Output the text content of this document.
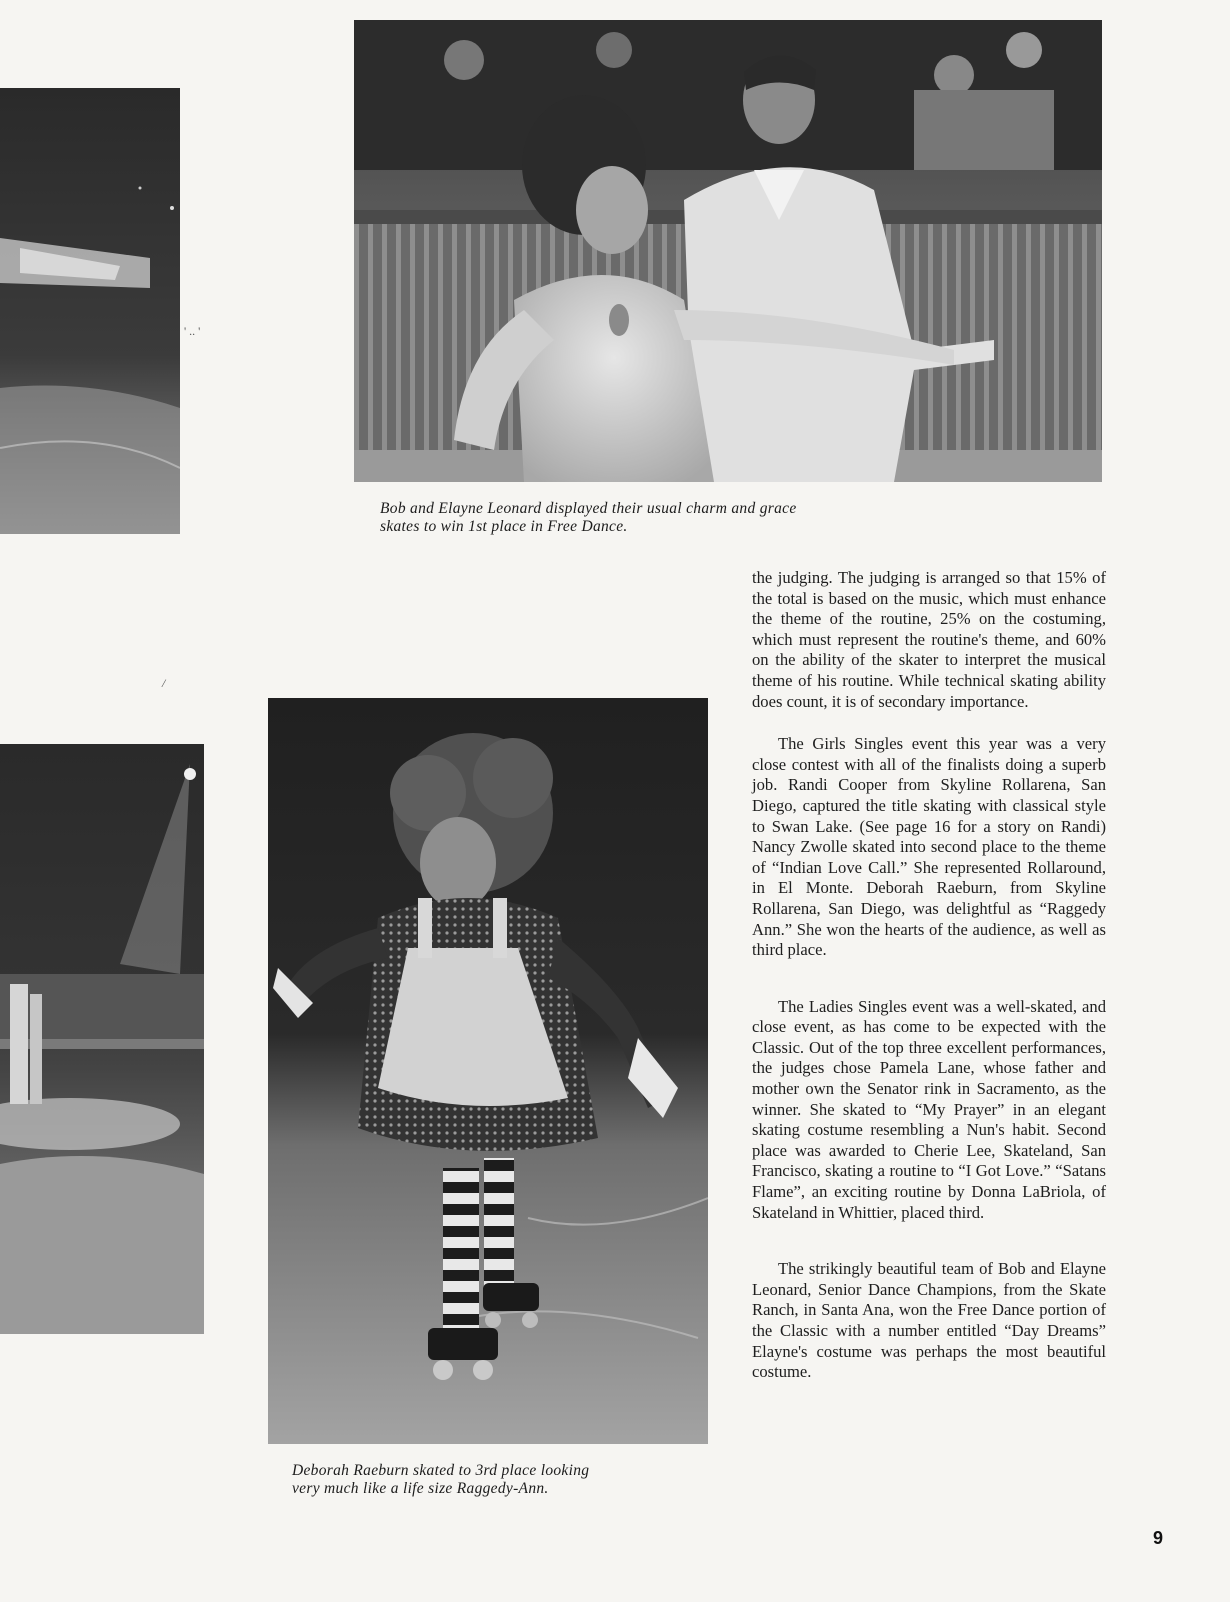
Bob and Elayne Leonard displayed their usual charm and grace
skates to win 1st place in Free Dance.
' .. '
/
Deborah Raeburn skated to 3rd place looking
very much like a life size Raggedy-Ann.

the judging. The judging is arranged so that 15% of the total is based on the music, which must enhance the theme of the routine, 25% on the costuming, which must represent the routine's theme, and 60% on the ability of the skater to interpret the musical theme of his routine. While technical skating ability does count, it is of secondary importance.

The Girls Singles event this year was a very close contest with all of the finalists doing a superb job. Randi Cooper from Skyline Rollarena, San Diego, captured the title skating with classical style to Swan Lake. (See page 16 for a story on Randi) Nancy Zwolle skated into second place to the theme of “Indian Love Call.” She represented Rollaround, in El Monte. Deborah Raeburn, from Skyline Rollarena, San Diego, was delightful as “Raggedy Ann.” She won the hearts of the audience, as well as third place.

The Ladies Singles event was a well-skated, and close event, as has come to be expected with the Classic. Out of the top three excellent performances, the judges chose Pamela Lane, whose father and mother own the Senator rink in Sacramento, as the winner. She skated to “My Prayer” in an elegant skating costume resembling a Nun's habit. Second place was awarded to Cherie Lee, Skateland, San Francisco, skating a routine to “I Got Love.” “Satans Flame”, an exciting routine by Donna LaBriola, of Skateland in Whittier, placed third.

The strikingly beautiful team of Bob and Elayne Leonard, Senior Dance Champions, from the Skate Ranch, in Santa Ana, won the Free Dance portion of the Classic with a number entitled “Day Dreams” Elayne's costume was perhaps the most beautiful costume.

9
